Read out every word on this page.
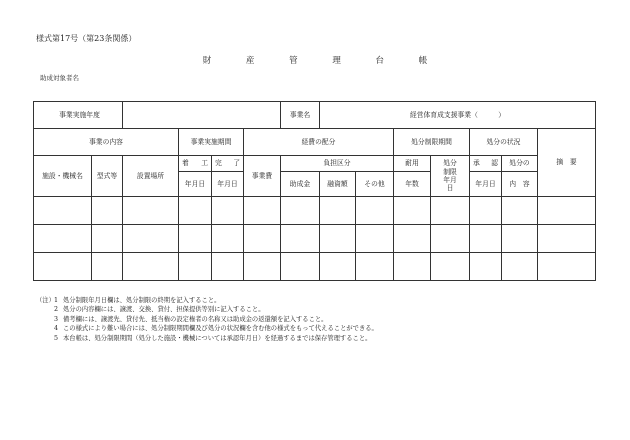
様式第17号（第23条関係）
財 産 管 理 台 帳
助成対象者名
事業実施年度						事業名	経営体育成支援事業（　　　）						
事業の内容			事業実施期間		経費の配分				処分制限期間		処分の状況		摘　要
施設・機械名	型式等	設置場所	着　工	完　了	事業費	負担区分			耐用	処分制限年月日	承　認	処分の	
			年月日	年月日		助成金	融資額	その他	年数		年月日	内　容	

（注）1 処分制限年月日欄は、処分制限の終期を記入すること。
2 処分の内容欄には、譲渡、交換、貸付、担保提供等別に記入すること。
3 備考欄には、譲渡先、貸付先、抵当権の設定権者の名称又は助成金の返還額を記入すること。
4 この様式により難い場合には、処分制限期間欄及び処分の状況欄を含む他の様式をもって代えることができる。
5 本台帳は、処分制限期間（処分した施設・機械については承認年月日）を経過するまでは保存管理すること。
